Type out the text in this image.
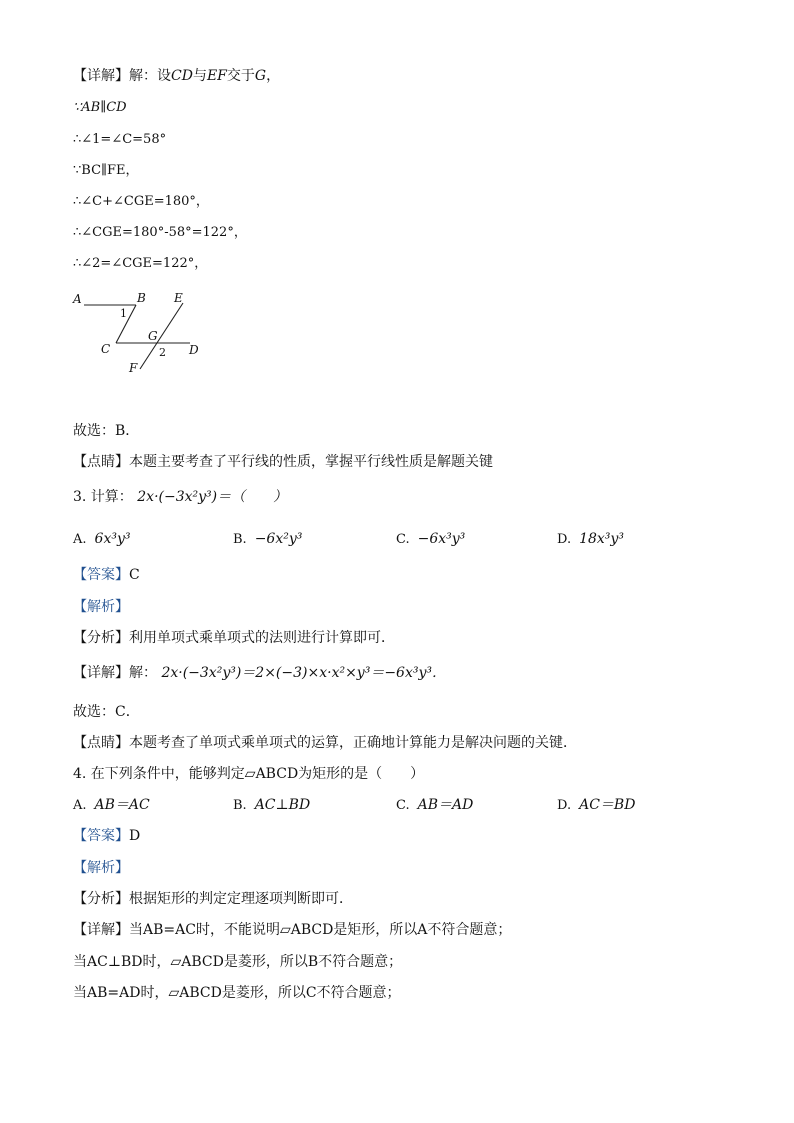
【详解】解：设CD与EF交于G，
∵AB∥CD
∴∠1=∠C=58°
∵BC∥FE，
∴∠C+∠CGE=180°，
∴∠CGE=180°-58°=122°，
∴∠2=∠CGE=122°，
A	B E
G
C	D
F
1
2
故选：B．
【点睛】本题主要考查了平行线的性质，掌握平行线性质是解题关键
3. 计算： 2x·(−3x²y³)＝（　　）
A. 6x³y³	B. −6x²y³	C. −6x³y³	D. 18x³y³
【答案】C
【解析】
【分析】利用单项式乘单项式的法则进行计算即可．
【详解】解： 2x·(−3x²y³)＝2×(−3)×x·x²×y³＝−6x³y³．
故选：C．
【点睛】本题考查了单项式乘单项式的运算，正确地计算能力是解决问题的关键．
4. 在下列条件中，能够判定▱ABCD为矩形的是（　　）
A. AB＝AC	B. AC⊥BD	C. AB＝AD	D. AC＝BD
【答案】D
【解析】
【分析】根据矩形的判定定理逐项判断即可．
【详解】当AB=AC时，不能说明▱ABCD是矩形，所以A不符合题意；
当AC⊥BD时，▱ABCD是菱形，所以B不符合题意；
当AB=AD时，▱ABCD是菱形，所以C不符合题意；
